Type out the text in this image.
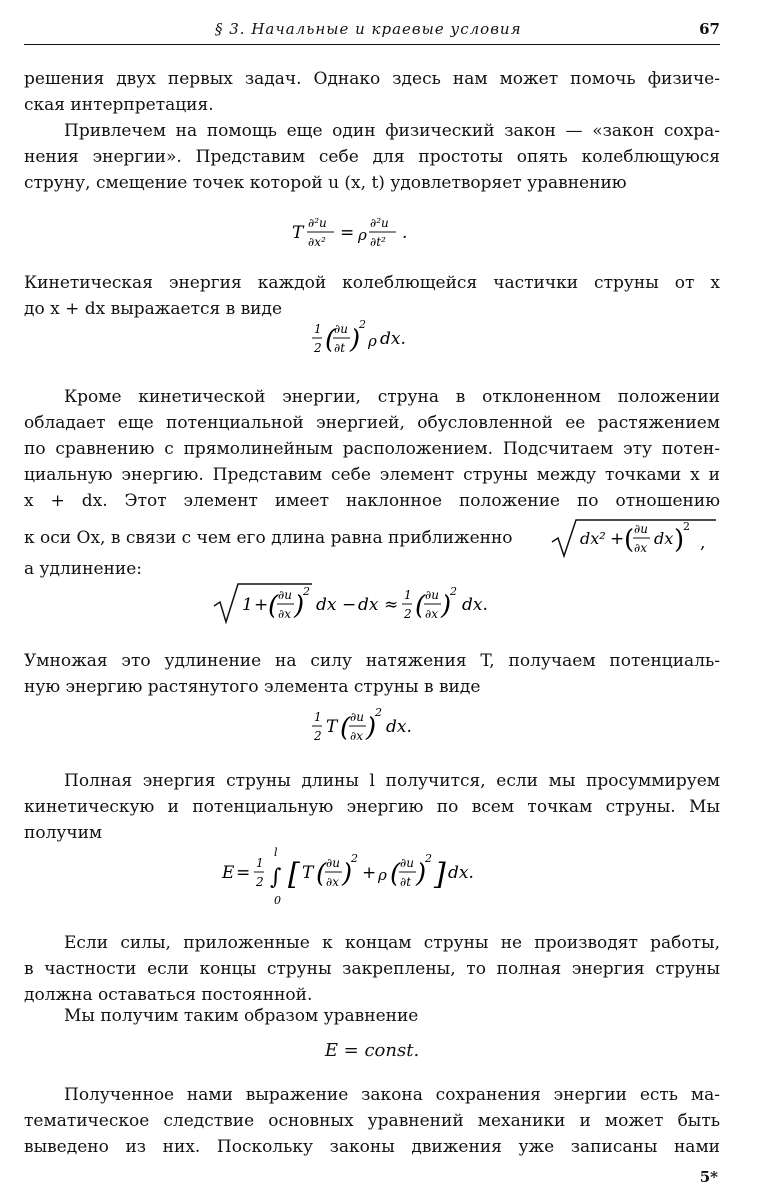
§ 3. Начальные и краевые условия	67
решения двух первых задач. Однако здесь нам может помочь физиче-
ская интерпретация.
Привлечем на помощь еще один физический закон — «закон сохра-
нения энергии». Представим себе для простоты опять колеблющуюся
струну, смещение точек которой u (x, t) удовлетворяет уравнению
T ∂²u
∂x² = ρ
∂²u
∂t² .
Кинетическая энергия каждой колеблющейся частички струны от x
до x + dx выражается в виде
1
2 (
∂u
∂t )
2
ρ dx.
Кроме кинетической энергии, струна в отклоненном положении
обладает еще потенциальной энергией, обусловленной ее растяжением
по сравнению с прямолинейным расположением. Подсчитаем эту потен-
циальную энергию. Представим себе элемент струны между точками x и
x + dx. Этот элемент имеет наклонное положение по отношению
к оси Ox, в связи с чем его длина равна приближенно	dx² + ( ∂u
∂x dx )
2
,
а удлинение:
1 + ( ∂u
∂x )
2
dx − dx ≈ 1
2 ( ∂u
∂x )
2
dx.
Умножая это удлинение на силу натяжения T, получаем потенциаль-
ную энергию растянутого элемента струны в виде
1
2 T ( ∂u
∂x )
2
dx.
Полная энергия струны длины l получится, если мы просуммируем
кинетическую и потенциальную энергию по всем точкам струны. Мы
получим
E = 1
2
l
∫
0
[ T ( ∂u
∂x )
2
+ ρ ( ∂u
∂t )
2 ] dx.
Если силы, приложенные к концам струны не производят работы,
в частности если концы струны закреплены, то полная энергия струны
должна оставаться постоянной.
Мы получим таким образом уравнение
E = const.
Полученное нами выражение закона сохранения энергии есть ма-
тематическое следствие основных уравнений механики и может быть
выведено из них. Поскольку законы движения уже записаны нами
5*
